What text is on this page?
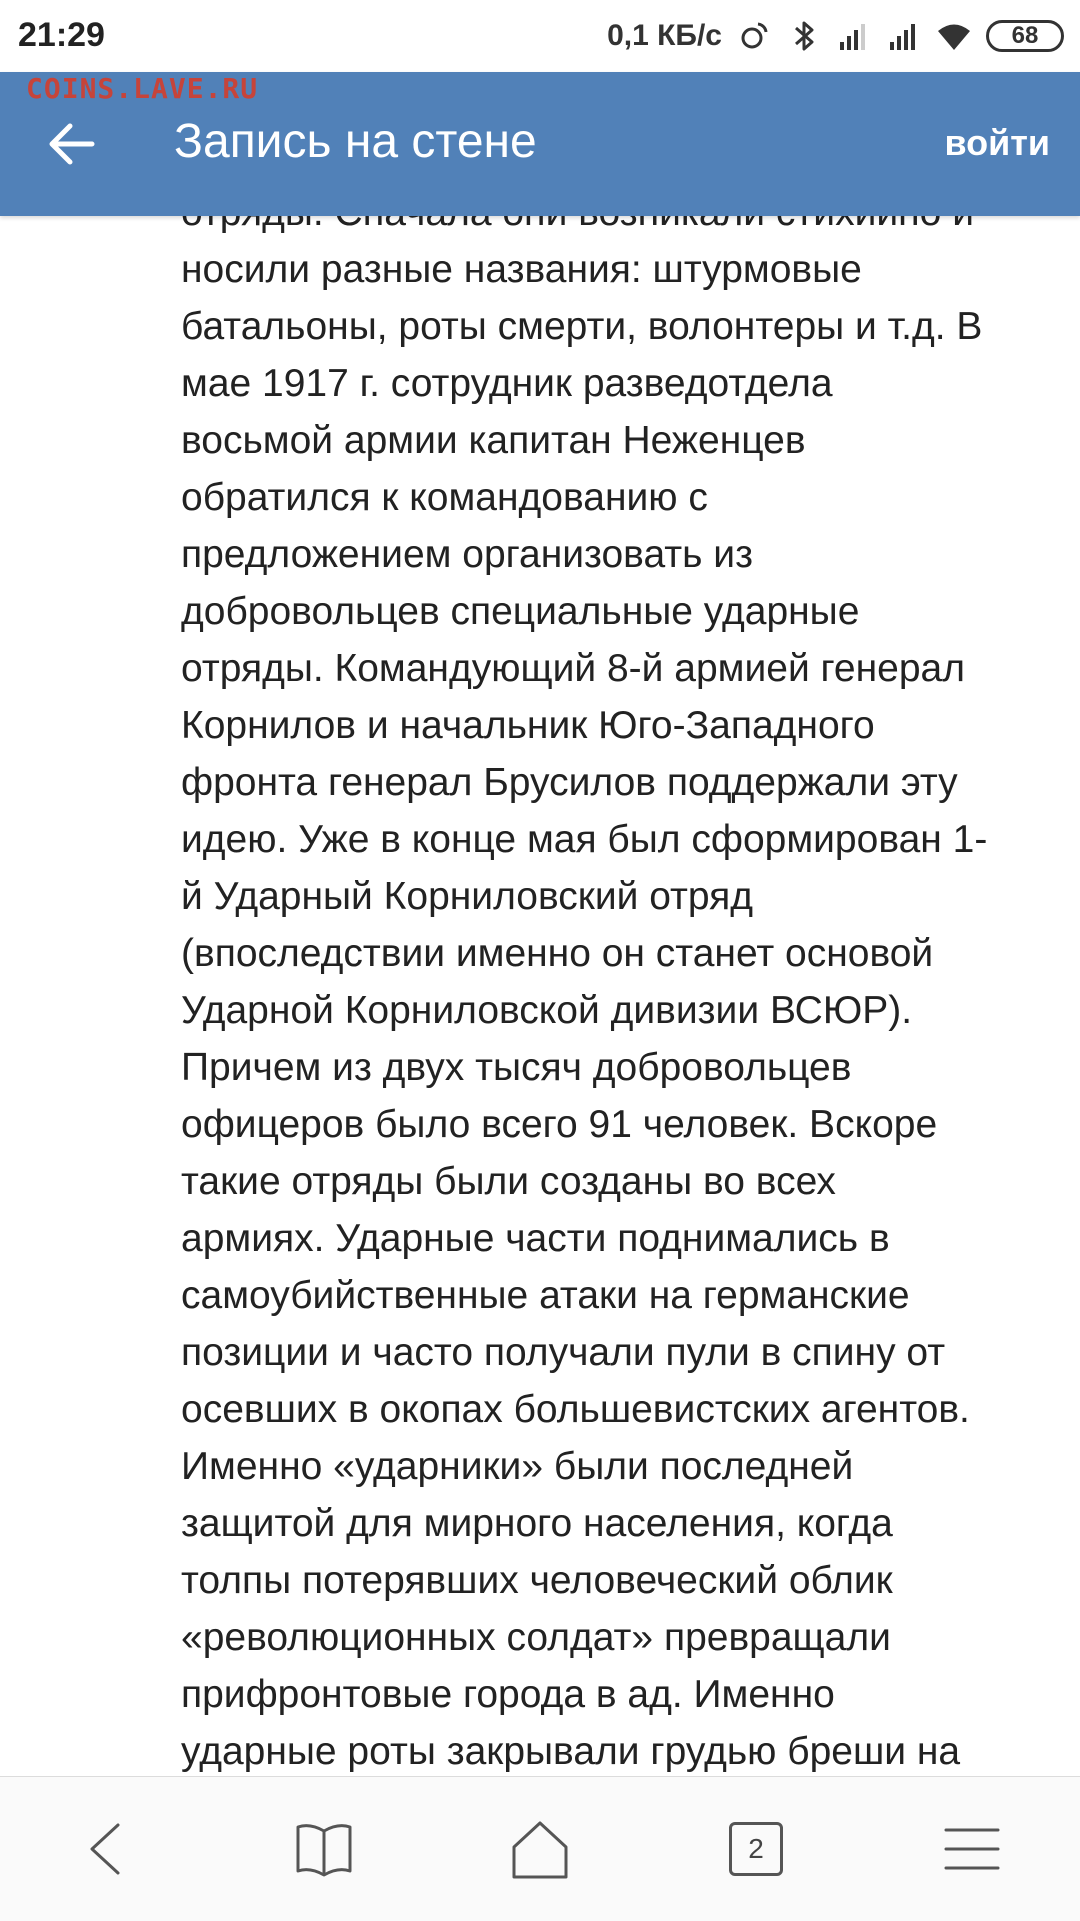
21:29	0,1 КБ/с	68
COINS.LAVE.RU
Запись на стене	войти
носили разные названия: штурмовые
батальоны, роты смерти, волонтеры и т.д. В
мае 1917 г. сотрудник разведотдела
восьмой армии капитан Неженцев
обратился к командованию с
предложением организовать из
добровольцев специальные ударные
отряды. Командующий 8-й армией генерал
Корнилов и начальник Юго-Западного
фронта генерал Брусилов поддержали эту
идею. Уже в конце мая был сформирован 1-
й Ударный Корниловский отряд
(впоследствии именно он станет основой
Ударной Корниловской дивизии ВСЮР).
Причем из двух тысяч добровольцев
офицеров было всего 91 человек. Вскоре
такие отряды были созданы во всех
армиях. Ударные части поднимались в
самоубийственные атаки на германские
позиции и часто получали пули в спину от
осевших в окопах большевистских агентов.
Именно «ударники» были последней
защитой для мирного населения, когда
толпы потерявших человеческий облик
«революционных солдат» превращали
прифронтовые города в ад. Именно
ударные роты закрывали грудью бреши на
2
